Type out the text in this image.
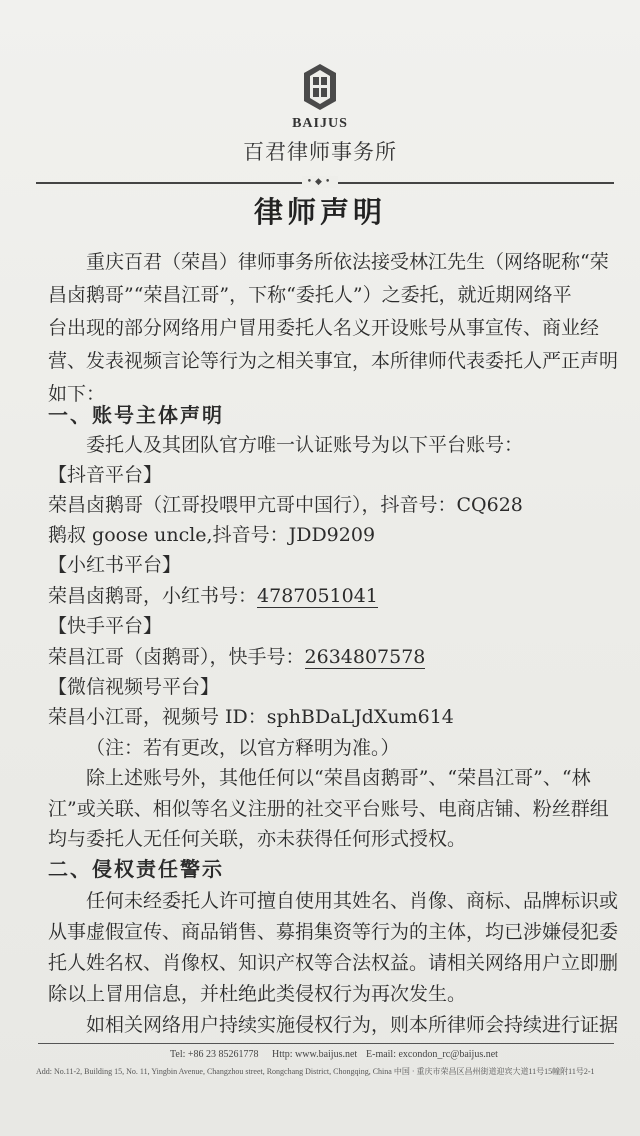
BAIJUS
百君律师事务所
•◆•
律师声明
重庆百君（荣昌）律师事务所依法接受林江先生（网络昵称“荣
昌卤鹅哥”“荣昌江哥”，下称“委托人”）之委托，就近期网络平
台出现的部分网络用户冒用委托人名义开设账号从事宣传、商业经
营、发表视频言论等行为之相关事宜，本所律师代表委托人严正声明
如下：
一、账号主体声明
委托人及其团队官方唯一认证账号为以下平台账号：
【抖音平台】
荣昌卤鹅哥（江哥投喂甲亢哥中国行），抖音号：CQ628
鹅叔 goose uncle,抖音号：JDD9209
【小红书平台】
荣昌卤鹅哥，小红书号：4787051041
【快手平台】
荣昌江哥（卤鹅哥），快手号：2634807578
【微信视频号平台】
荣昌小江哥，视频号 ID：sphBDaLJdXum614
（注：若有更改，以官方释明为准。）
除上述账号外，其他任何以“荣昌卤鹅哥”、“荣昌江哥”、“林
江”或关联、相似等名义注册的社交平台账号、电商店铺、粉丝群组
均与委托人无任何关联，亦未获得任何形式授权。
二、侵权责任警示
任何未经委托人许可擅自使用其姓名、肖像、商标、品牌标识或
从事虚假宣传、商品销售、募捐集资等行为的主体，均已涉嫌侵犯委
托人姓名权、肖像权、知识产权等合法权益。请相关网络用户立即删
除以上冒用信息，并杜绝此类侵权行为再次发生。
如相关网络用户持续实施侵权行为，则本所律师会持续进行证据
Tel: +86 23 85261778 Http: www.baijus.net E-mail: excondon_rc@baijus.net
Add: No.11-2, Building 15, No. 11, Yingbin Avenue, Changzhou street, Rongchang District, Chongqing, China 中国 · 重庆市荣昌区昌州街道迎宾大道11号15幢附11号2-1
